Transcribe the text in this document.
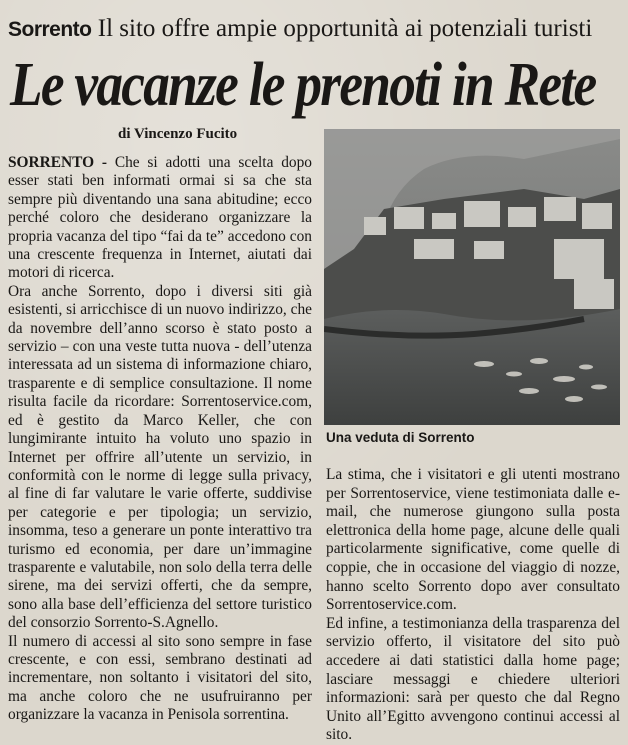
Sorrento Il sito offre ampie opportunità ai potenziali turisti
Le vacanze le prenoti in Rete
di Vincenzo Fucito

SORRENTO - Che si adotti una scelta dopo esser stati ben informati ormai si sa che sta sempre più diventando una sana abitudine; ecco perché coloro che desiderano organizzare la propria vacanza del tipo “fai da te” accedono con una crescente frequenza in Internet, aiutati dai motori di ricerca.

Ora anche Sorrento, dopo i diversi siti già esistenti, si arricchisce di un nuovo indirizzo, che da novembre dell’anno scorso è stato posto a servizio – con una veste tutta nuova - dell’utenza interessata ad un sistema di informazione chiaro, trasparente e di semplice consultazione. Il nome risulta facile da ricordare: Sorrentoservice.com, ed è gestito da Marco Keller, che con lungimirante intuito ha voluto uno spazio in Internet per offrire all’utente un servizio, in conformità con le norme di legge sulla privacy, al fine di far valutare le varie offerte, suddivise per categorie e per tipologia; un servizio, insomma, teso a generare un ponte interattivo tra turismo ed economia, per dare un’immagine trasparente e valutabile, non solo della terra delle sirene, ma dei servizi offerti, che da sempre, sono alla base dell’efficienza del settore turistico del consorzio Sorrento-S.Agnello.

Il numero di accessi al sito sono sempre in fase crescente, e con essi, sembrano destinati ad incrementare, non soltanto i visitatori del sito, ma anche coloro che ne usufruiranno per organizzare la vacanza in Penisola sorrentina.

Una veduta di Sorrento

La stima, che i visitatori e gli utenti mostrano per Sorrentoservice, viene testimoniata dalle e-mail, che numerose giungono sulla posta elettronica della home page, alcune delle quali particolarmente significative, come quelle di coppie, che in occasione del viaggio di nozze, hanno scelto Sorrento dopo aver consultato Sorrentoservice.com.

Ed infine, a testimonianza della trasparenza del servizio offerto, il visitatore del sito può accedere ai dati statistici dalla home page; lasciare messaggi e chiedere ulteriori informazioni: sarà per questo che dal Regno Unito all’Egitto avvengono continui accessi al sito.
